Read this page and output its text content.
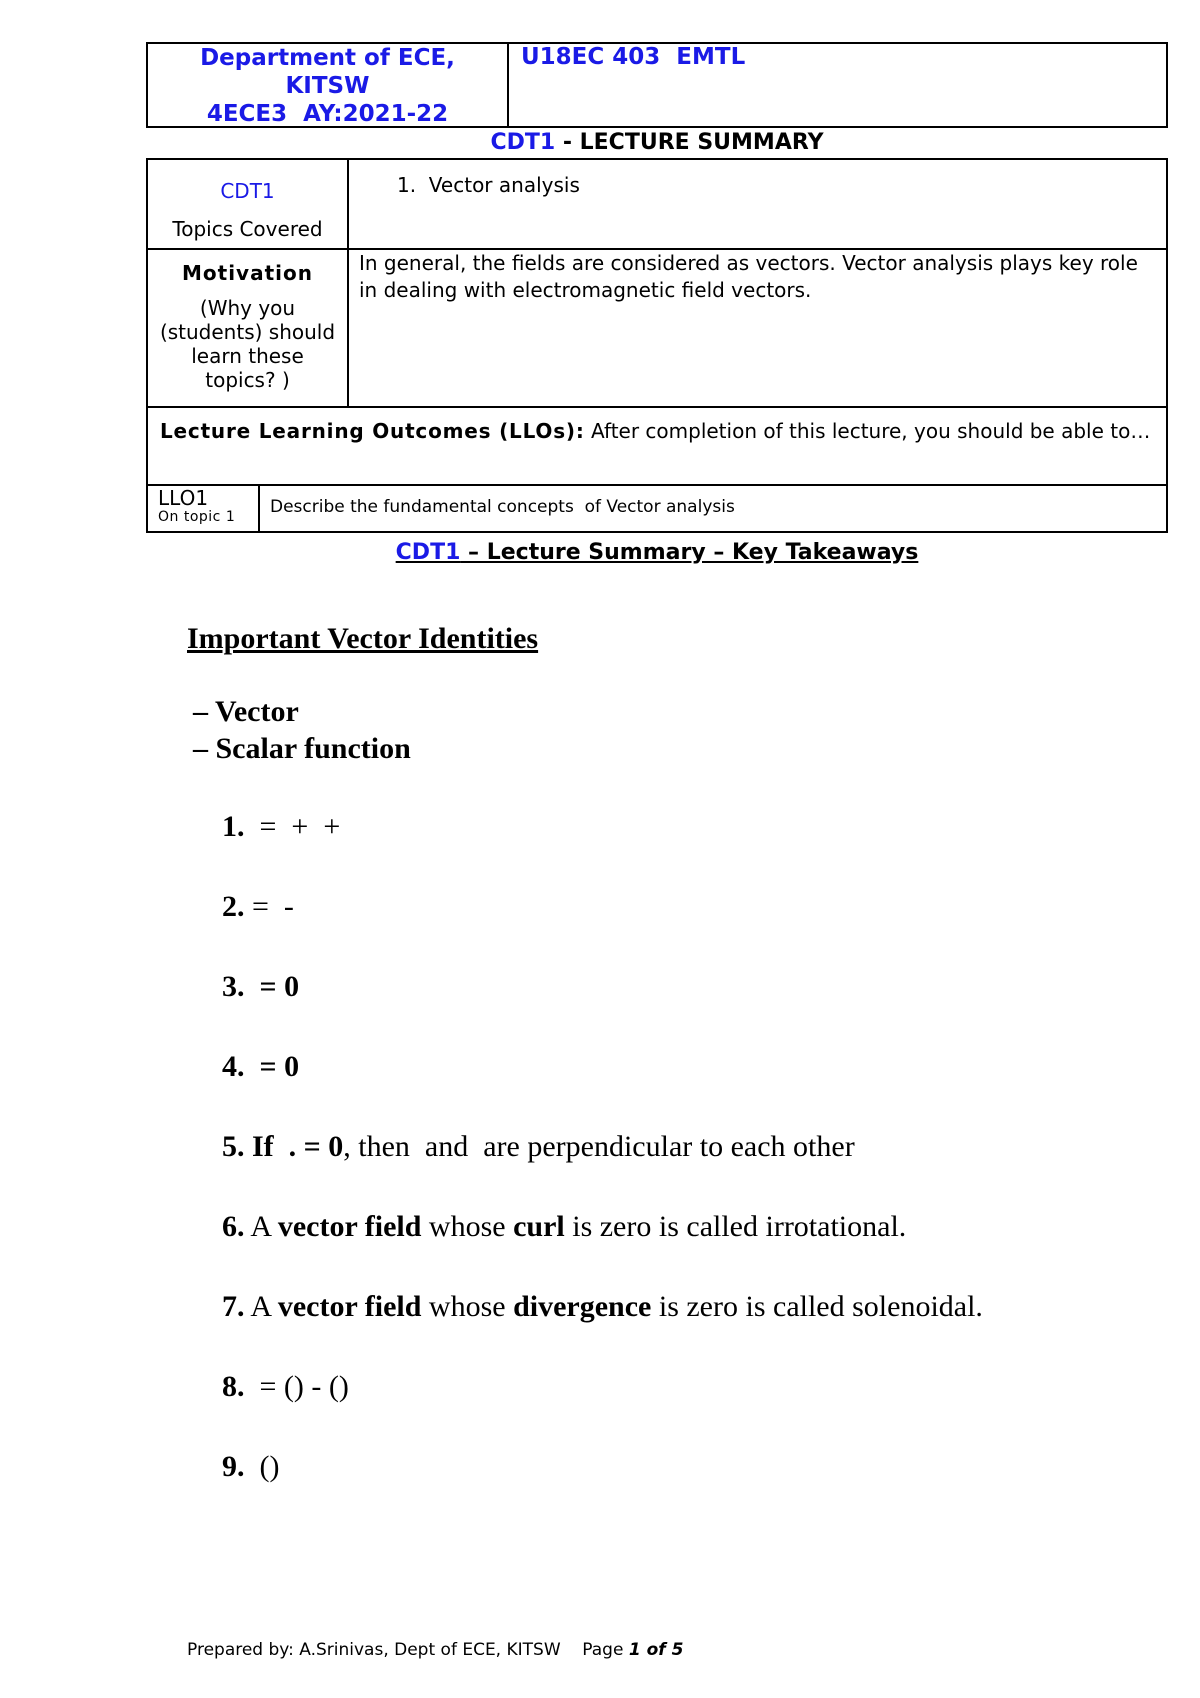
Department of ECE,
KITSW
4ECE3  AY:2021-22
U18EC 403  EMTL
CDT1 - LECTURE SUMMARY
CDT1
Topics Covered
1.  Vector analysis
Motivation
(Why you (students) should learn these topics? )
In general, the fields are considered as vectors. Vector analysis plays key role in dealing with electromagnetic field vectors.
Lecture Learning Outcomes (LLOs): After completion of this lecture, you should be able to…
LLO1
On topic 1	Describe the fundamental concepts  of Vector analysis
CDT1 – Lecture Summary – Key Takeaways
Important Vector Identities
– Vector
– Scalar function
1.  =  +  +
2. =  -
3.  = 0
4.  = 0
5. If  . = 0, then  and  are perpendicular to each other
6. A vector field whose curl is zero is called irrotational.
7. A vector field whose divergence is zero is called solenoidal.
8.  = () - ()
9.  ()
Prepared by: A.Srinivas, Dept of ECE, KITSW    Page 1 of 5
